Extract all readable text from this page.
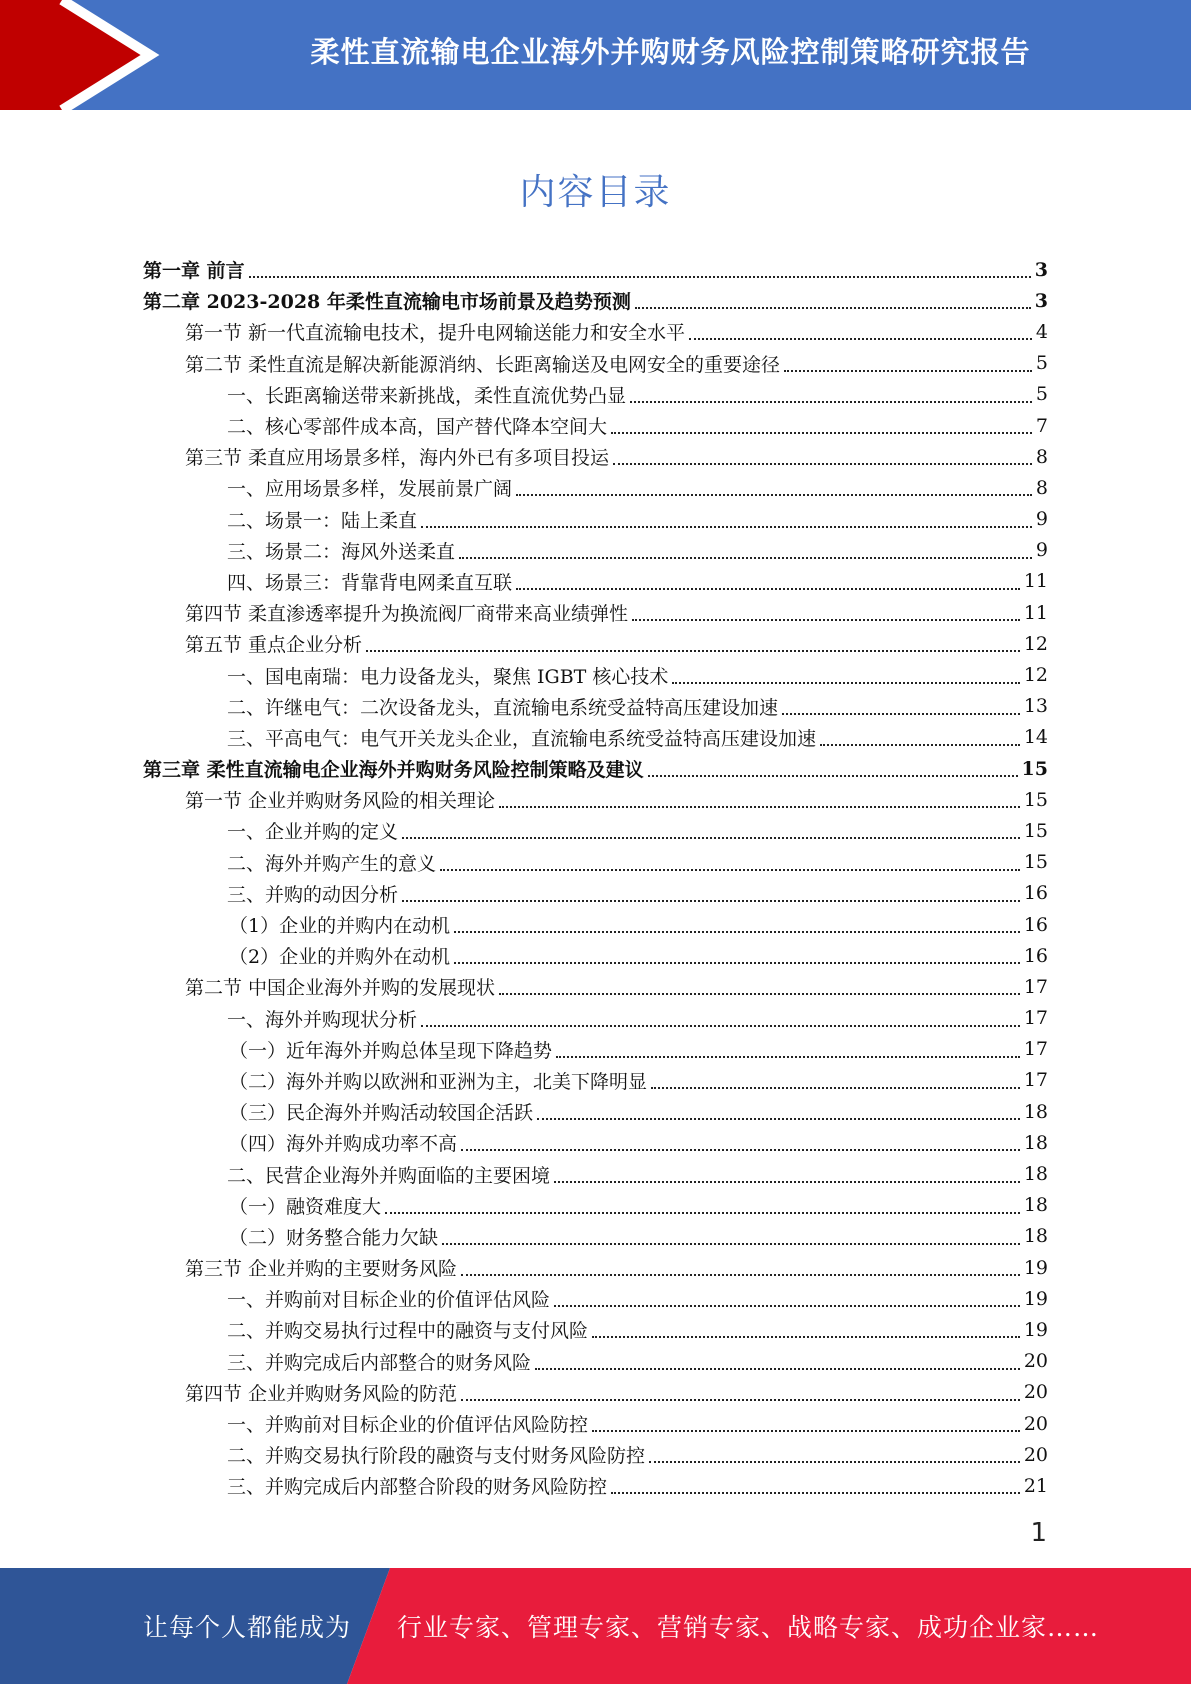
柔性直流输电企业海外并购财务风险控制策略研究报告
内容目录
第一章 前言	3
第二章 2023-2028 年柔性直流输电市场前景及趋势预测	3
第一节 新一代直流输电技术，提升电网输送能力和安全水平	4
第二节 柔性直流是解决新能源消纳、长距离输送及电网安全的重要途径	5
一、长距离输送带来新挑战，柔性直流优势凸显	5
二、核心零部件成本高，国产替代降本空间大	7
第三节 柔直应用场景多样，海内外已有多项目投运	8
一、应用场景多样，发展前景广阔	8
二、场景一：陆上柔直	9
三、场景二：海风外送柔直	9
四、场景三：背靠背电网柔直互联	11
第四节 柔直渗透率提升为换流阀厂商带来高业绩弹性	11
第五节 重点企业分析	12
一、国电南瑞：电力设备龙头，聚焦 IGBT 核心技术	12
二、许继电气：二次设备龙头，直流输电系统受益特高压建设加速	13
三、平高电气：电气开关龙头企业，直流输电系统受益特高压建设加速	14
第三章 柔性直流输电企业海外并购财务风险控制策略及建议	15
第一节 企业并购财务风险的相关理论	15
一、企业并购的定义	15
二、海外并购产生的意义	15
三、并购的动因分析	16
（1）企业的并购内在动机	16
（2）企业的并购外在动机	16
第二节 中国企业海外并购的发展现状	17
一、海外并购现状分析	17
（一）近年海外并购总体呈现下降趋势	17
（二）海外并购以欧洲和亚洲为主，北美下降明显	17
（三）民企海外并购活动较国企活跃	18
（四）海外并购成功率不高	18
二、民营企业海外并购面临的主要困境	18
（一）融资难度大	18
（二）财务整合能力欠缺	18
第三节 企业并购的主要财务风险	19
一、并购前对目标企业的价值评估风险	19
二、并购交易执行过程中的融资与支付风险	19
三、并购完成后内部整合的财务风险	20
第四节 企业并购财务风险的防范	20
一、并购前对目标企业的价值评估风险防控	20
二、并购交易执行阶段的融资与支付财务风险防控	20
三、并购完成后内部整合阶段的财务风险防控	21
1
让每个人都能成为 行业专家、管理专家、营销专家、战略专家、成功企业家……
